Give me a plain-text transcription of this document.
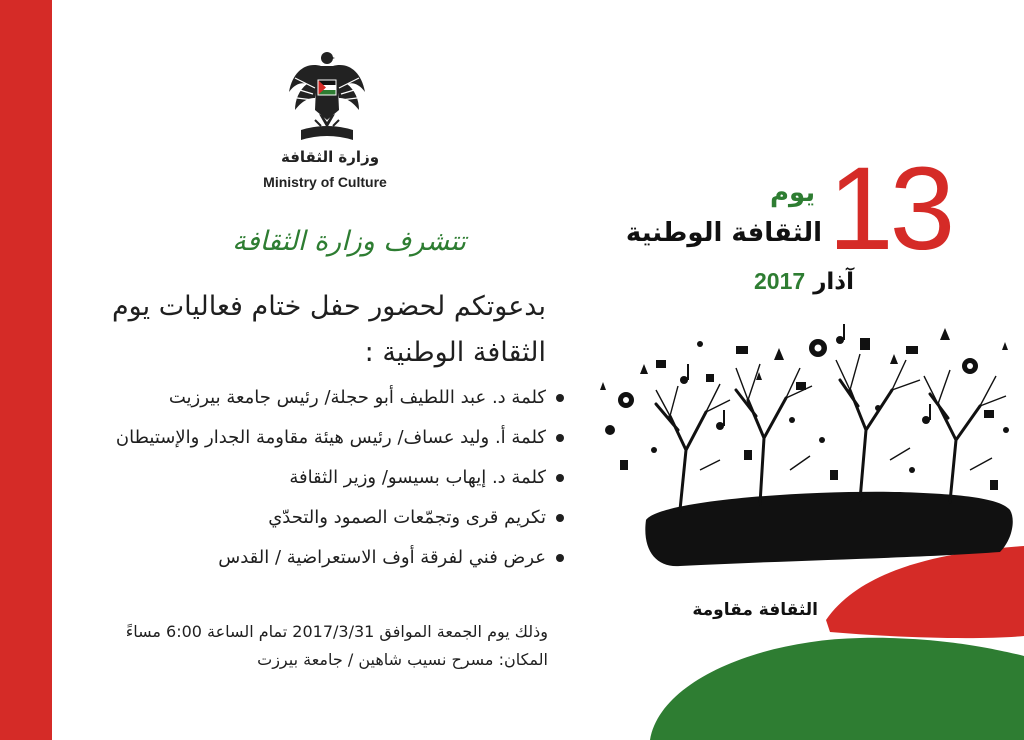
وزارة الثقافة
Ministry of Culture
تتشرف وزارة الثقافة
بدعوتكم لحضور حفل ختام فعاليات يوم
الثقافة الوطنية :
كلمة د. عبد اللطيف أبو حجلة/ رئيس جامعة بيرزيت
كلمة أ. وليد عساف/ رئيس هيئة مقاومة الجدار والإستيطان
كلمة د. إيهاب بسيسو/ وزير الثقافة
تكريم قرى وتجمّعات الصمود والتحدّي
عرض فني لفرقة أوف الاستعراضية / القدس
وذلك يوم الجمعة الموافق 2017/3/31 تمام الساعة 6:00 مساءً
المكان: مسرح نسيب شاهين / جامعة بيرزت
13
يوم
الثقافة الوطنية
آذار 2017
الثقافة مقاومة
